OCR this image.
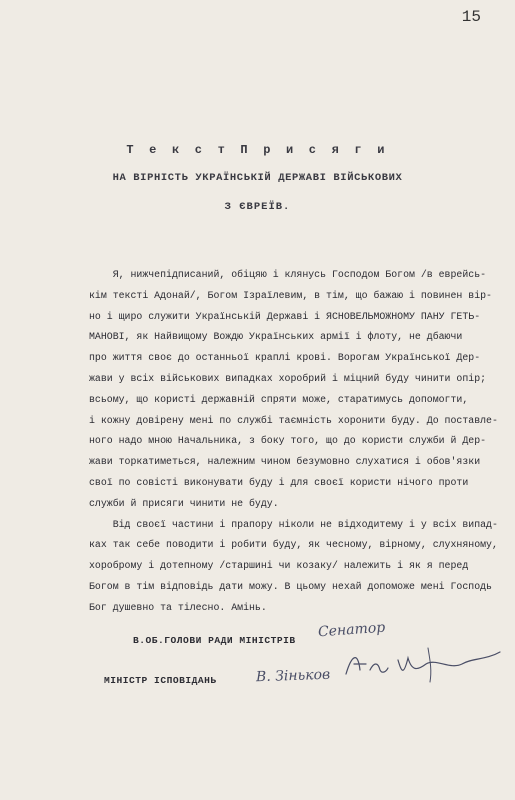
15
Т е к с т П р и с я г и
НА ВІРНІСТЬ УКРАЇНСЬКІЙ ДЕРЖАВІ ВІЙСЬКОВИХ
З ЄВРЕЇВ.
Я, нижчепідписаний, обіцяю і клянусь Господом Богом /в еврейсь-
кім тексті Адонай/, Богом Ізраїлевим, в тім, що бажаю і повинен вір-
но і щиро служити Українській Державі і ЯСНОВЕЛЬМОЖНОМУ ПАНУ ГЕТЬ-
МАНОВІ, як Найвищому Вождю Українських армії і флоту, не дбаючи
про життя своє до останньої краплі крові. Ворогам Української Дер-
жави у всіх військових випадках хоробрий і міцний буду чинити опір;
всьому, що користі державній спряти може, старатимусь допомогти,
і кожну довірену мені по службі таємність хоронити буду. До поставле-
ного надо мною Начальника, з боку того, що до користи служби й Дер-
жави торкатиметься, належним чином безумовно слухатися і обов'язки
свої по совісті виконувати буду і для своєї користи нічого проти
служби й присяги чинити не буду.
Від своєї частини і прапору ніколи не відходитему і у всіх випад-
ках так себе поводити і робити буду, як чесному, вірному, слухняному,
хороброму і дотепному /старшині чи козаку/ належить і як я перед
Богом в тім відповідь дати можу. В цьому нехай допоможе мені Господь
Бог душевно та тілесно. Амінь.
В.ОБ.ГОЛОВИ РАДИ МІНІСТРІВ
Сенатор
МІНІСТР ІСПОВІДАНЬ	В. Зіньков
